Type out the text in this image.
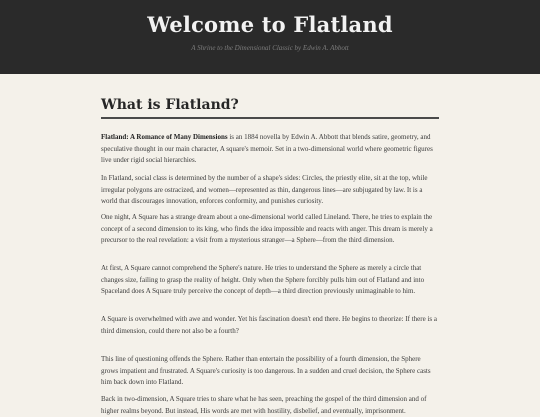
Welcome to Flatland
A Shrine to the Dimensional Classic by Edwin A. Abbott
What is Flatland?

Flatland: A Romance of Many Dimensions is an 1884 novella by Edwin A. Abbott that blends satire, geometry, and speculative thought in our main character, A square's memoir. Set in a two-dimensional world where geometric figures live under rigid social hierarchies.

In Flatland, social class is determined by the number of a shape's sides: Circles, the priestly elite, sit at the top, while irregular polygons are ostracized, and women—represented as thin, dangerous lines—are subjugated by law. It is a world that discourages innovation, enforces conformity, and punishes curiosity.

One night, A Square has a strange dream about a one-dimensional world called Lineland. There, he tries to explain the concept of a second dimension to its king, who finds the idea impossible and reacts with anger. This dream is merely a precursor to the real revelation: a visit from a mysterious stranger—a Sphere—from the third dimension.

At first, A Square cannot comprehend the Sphere's nature. He tries to understand the Sphere as merely a circle that changes size, failing to grasp the reality of height. Only when the Sphere forcibly pulls him out of Flatland and into Spaceland does A Square truly perceive the concept of depth—a third direction previously unimaginable to him.

A Square is overwhelmed with awe and wonder. Yet his fascination doesn't end there. He begins to theorize: If there is a third dimension, could there not also be a fourth?

This line of questioning offends the Sphere. Rather than entertain the possibility of a fourth dimension, the Sphere grows impatient and frustrated. A Square's curiosity is too dangerous. In a sudden and cruel decision, the Sphere casts him back down into Flatland.

Back in two-dimension, A Square tries to share what he has seen, preaching the gospel of the third dimension and of higher realms beyond. But instead, His words are met with hostility, disbelief, and eventually, imprisonment.
